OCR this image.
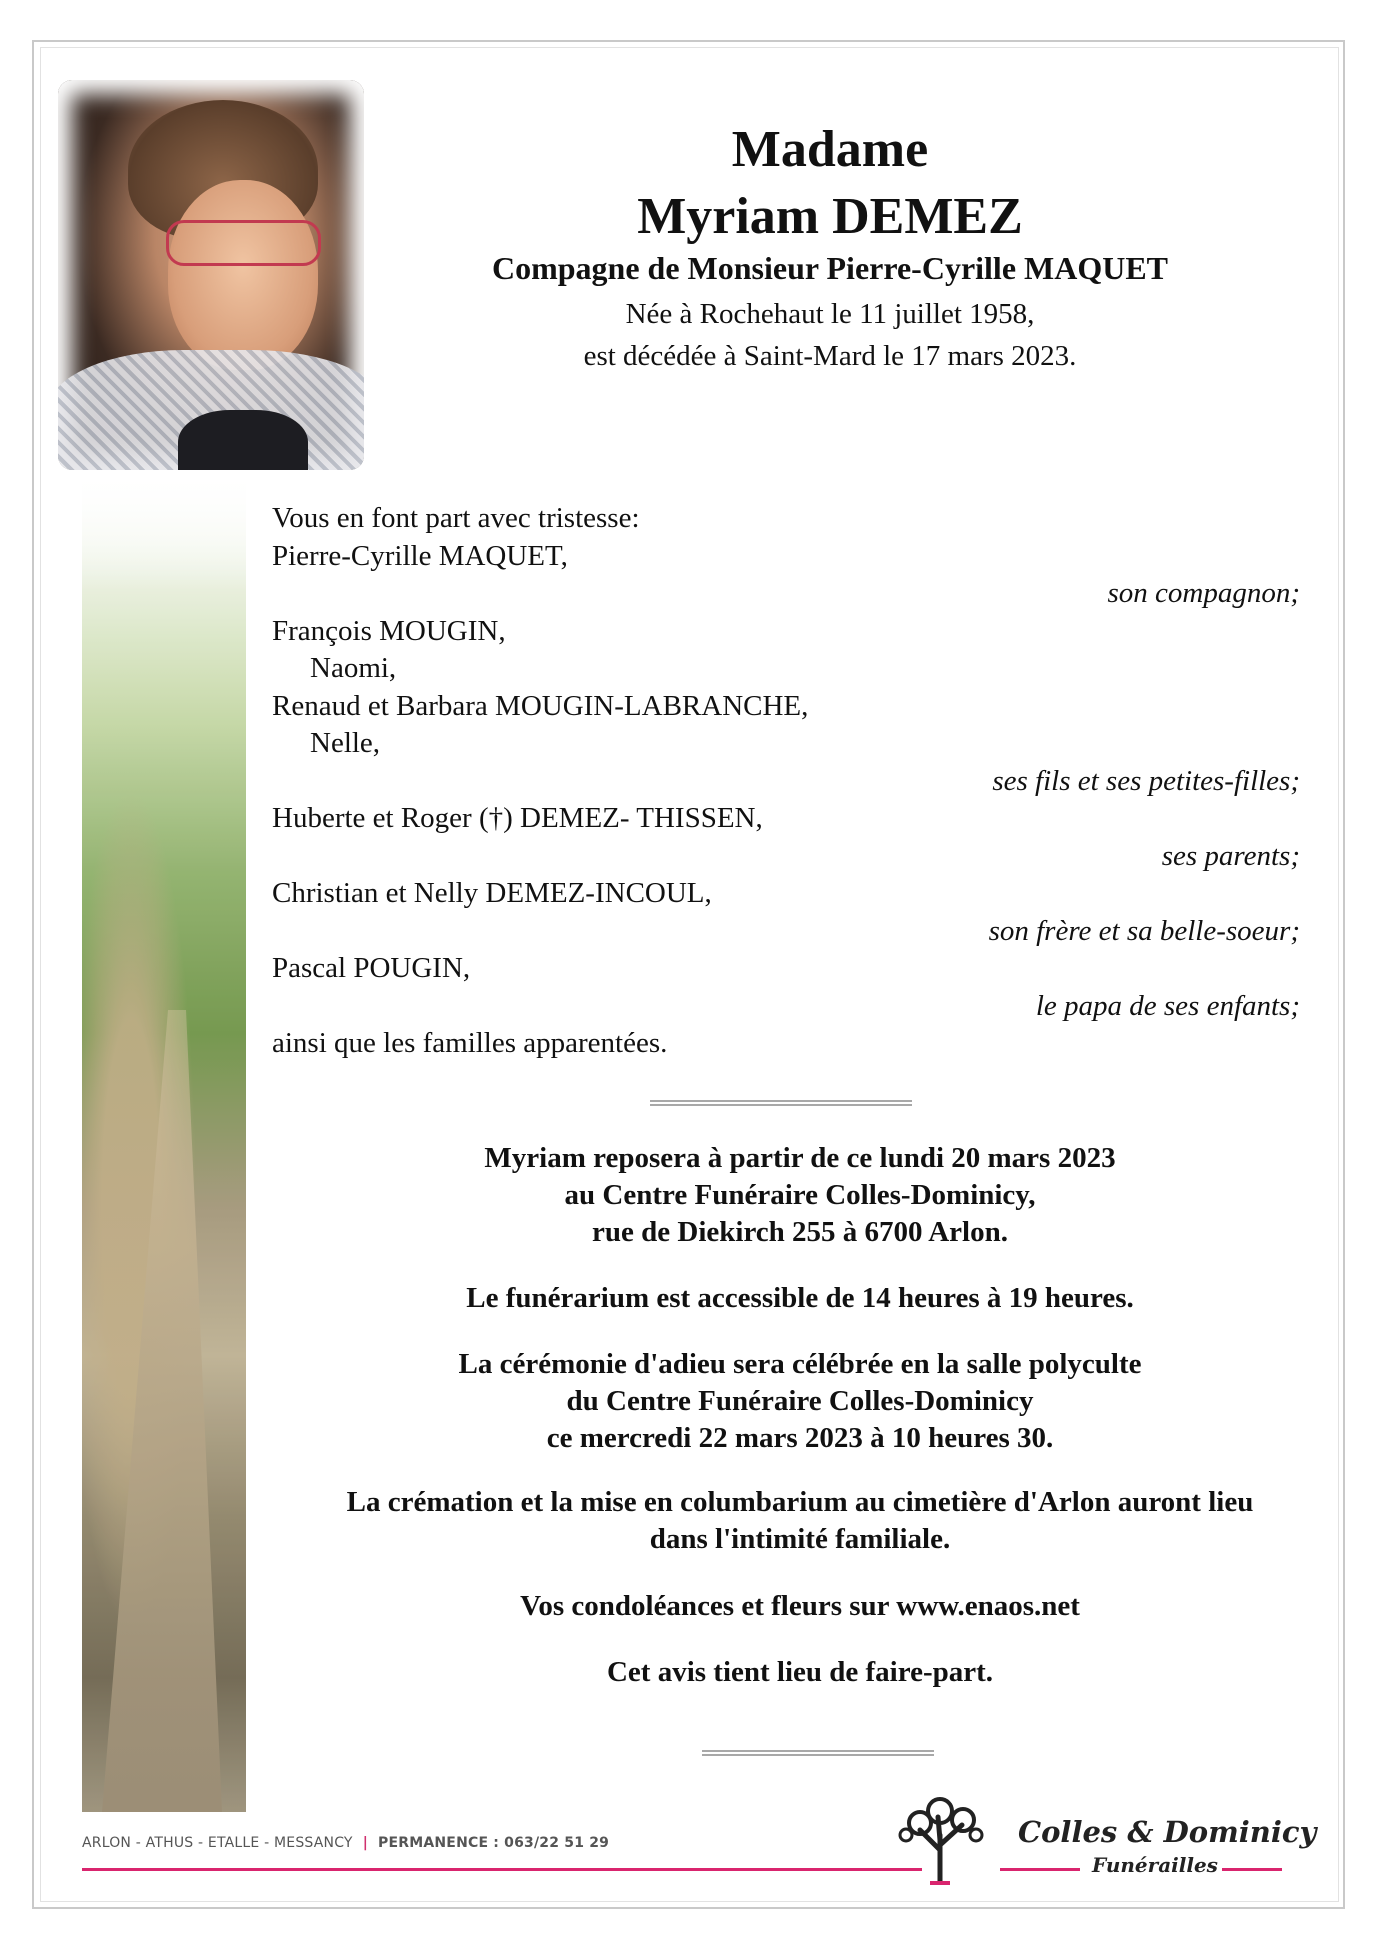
Madame
Myriam DEMEZ
Compagne de Monsieur Pierre-Cyrille MAQUET
Née à Rochehaut le 11 juillet 1958,
est décédée à Saint-Mard le 17 mars 2023.
Vous en font part avec tristesse:
Pierre-Cyrille MAQUET,
son compagnon;
François MOUGIN,
Naomi,
Renaud et Barbara MOUGIN-LABRANCHE,
Nelle,
ses fils et ses petites-filles;
Huberte et Roger (†) DEMEZ- THISSEN,
ses parents;
Christian et Nelly DEMEZ-INCOUL,
son frère et sa belle-soeur;
Pascal POUGIN,
le papa de ses enfants;
ainsi que les familles apparentées.
Myriam reposera à partir de ce lundi 20 mars 2023
au Centre Funéraire Colles-Dominicy,
rue de Diekirch 255 à 6700 Arlon.
Le funérarium est accessible de 14 heures à 19 heures.
La cérémonie d'adieu sera célébrée en la salle polyculte
du Centre Funéraire Colles-Dominicy
ce mercredi 22 mars 2023 à 10 heures 30.
La crémation et la mise en columbarium au cimetière d'Arlon auront lieu
dans l'intimité familiale.
Vos condoléances et fleurs sur www.enaos.net
Cet avis tient lieu de faire-part.
ARLON - ATHUS - ETALLE - MESSANCY | PERMANENCE : 063/22 51 29	Colles & Dominicy
Funérailles
